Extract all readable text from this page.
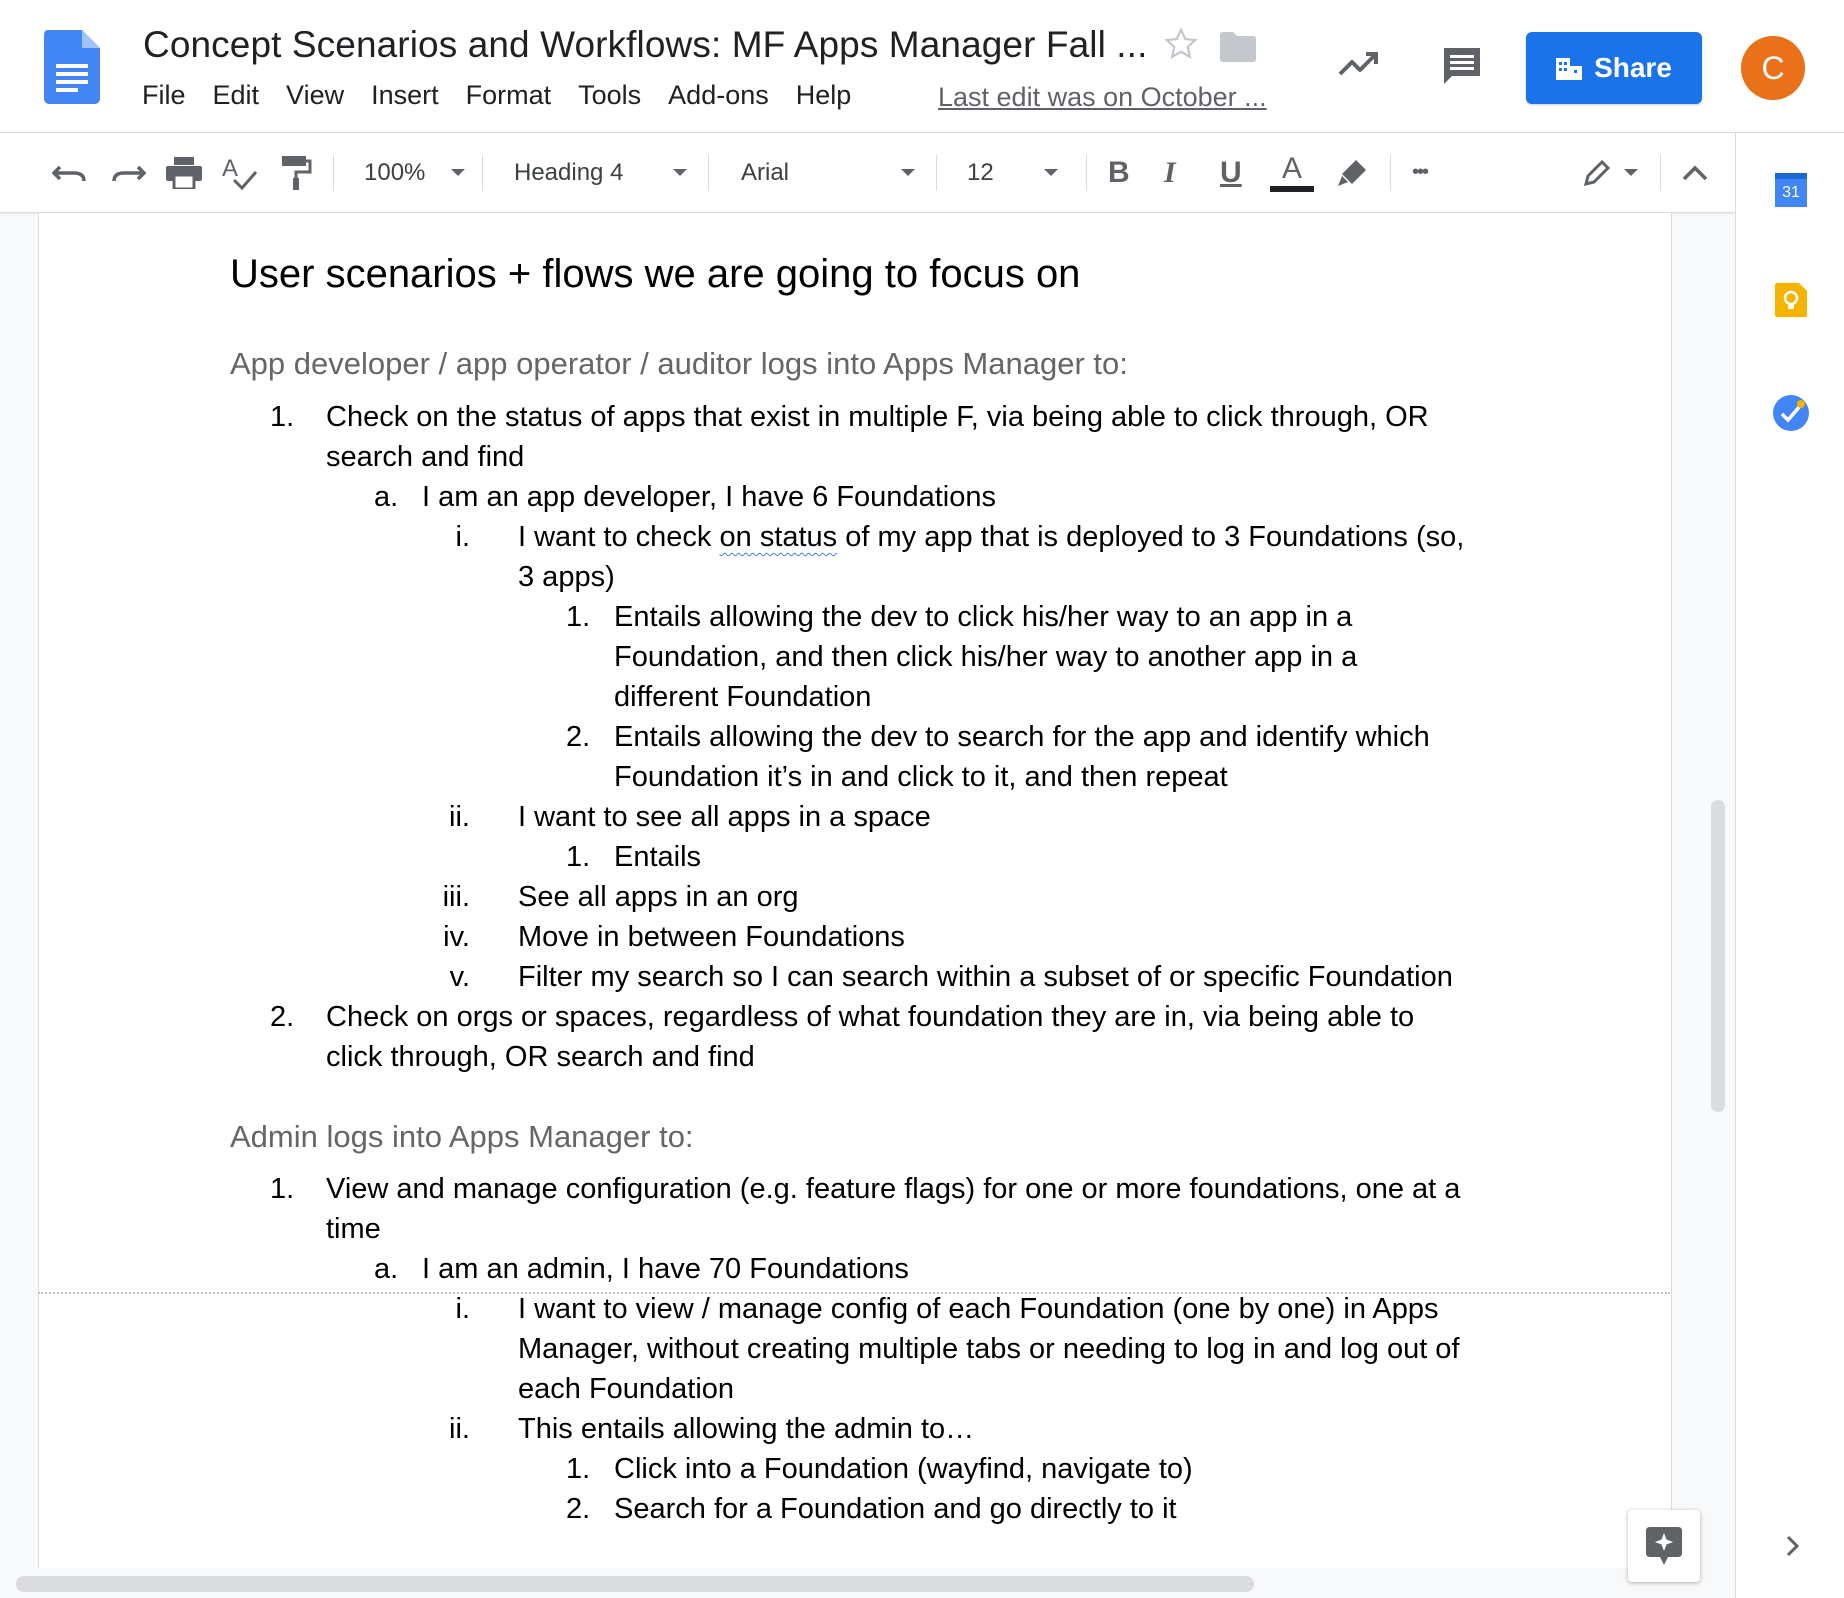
Concept Scenarios and Workflows: MF Apps Manager Fall ...
File Edit View Insert Format Tools Add-ons Help	Last edit was on October ...
Share	C
A	100%	Heading 4	Arial	12	B I U A	•••
31
User scenarios + flows we are going to focus on
App developer / app operator / auditor logs into Apps Manager to:
1.	Check on the status of apps that exist in multiple F, via being able to click through, OR
search and find
a. I am an app developer, I have 6 Foundations
i. I want to check on status of my app that is deployed to 3 Foundations (so,
3 apps)
1. Entails allowing the dev to click his/her way to an app in a
Foundation, and then click his/her way to another app in a
different Foundation
2. Entails allowing the dev to search for the app and identify which
Foundation it’s in and click to it, and then repeat
ii. I want to see all apps in a space
1. Entails
iii. See all apps in an org
iv. Move in between Foundations
v. Filter my search so I can search within a subset of or specific Foundation
2.	Check on orgs or spaces, regardless of what foundation they are in, via being able to
click through, OR search and find
Admin logs into Apps Manager to:
1.	View and manage configuration (e.g. feature flags) for one or more foundations, one at a
time
a. I am an admin, I have 70 Foundations
i. I want to view / manage config of each Foundation (one by one) in Apps
Manager, without creating multiple tabs or needing to log in and log out of
each Foundation
ii. This entails allowing the admin to…
1. Click into a Foundation (wayfind, navigate to)
2. Search for a Foundation and go directly to it
